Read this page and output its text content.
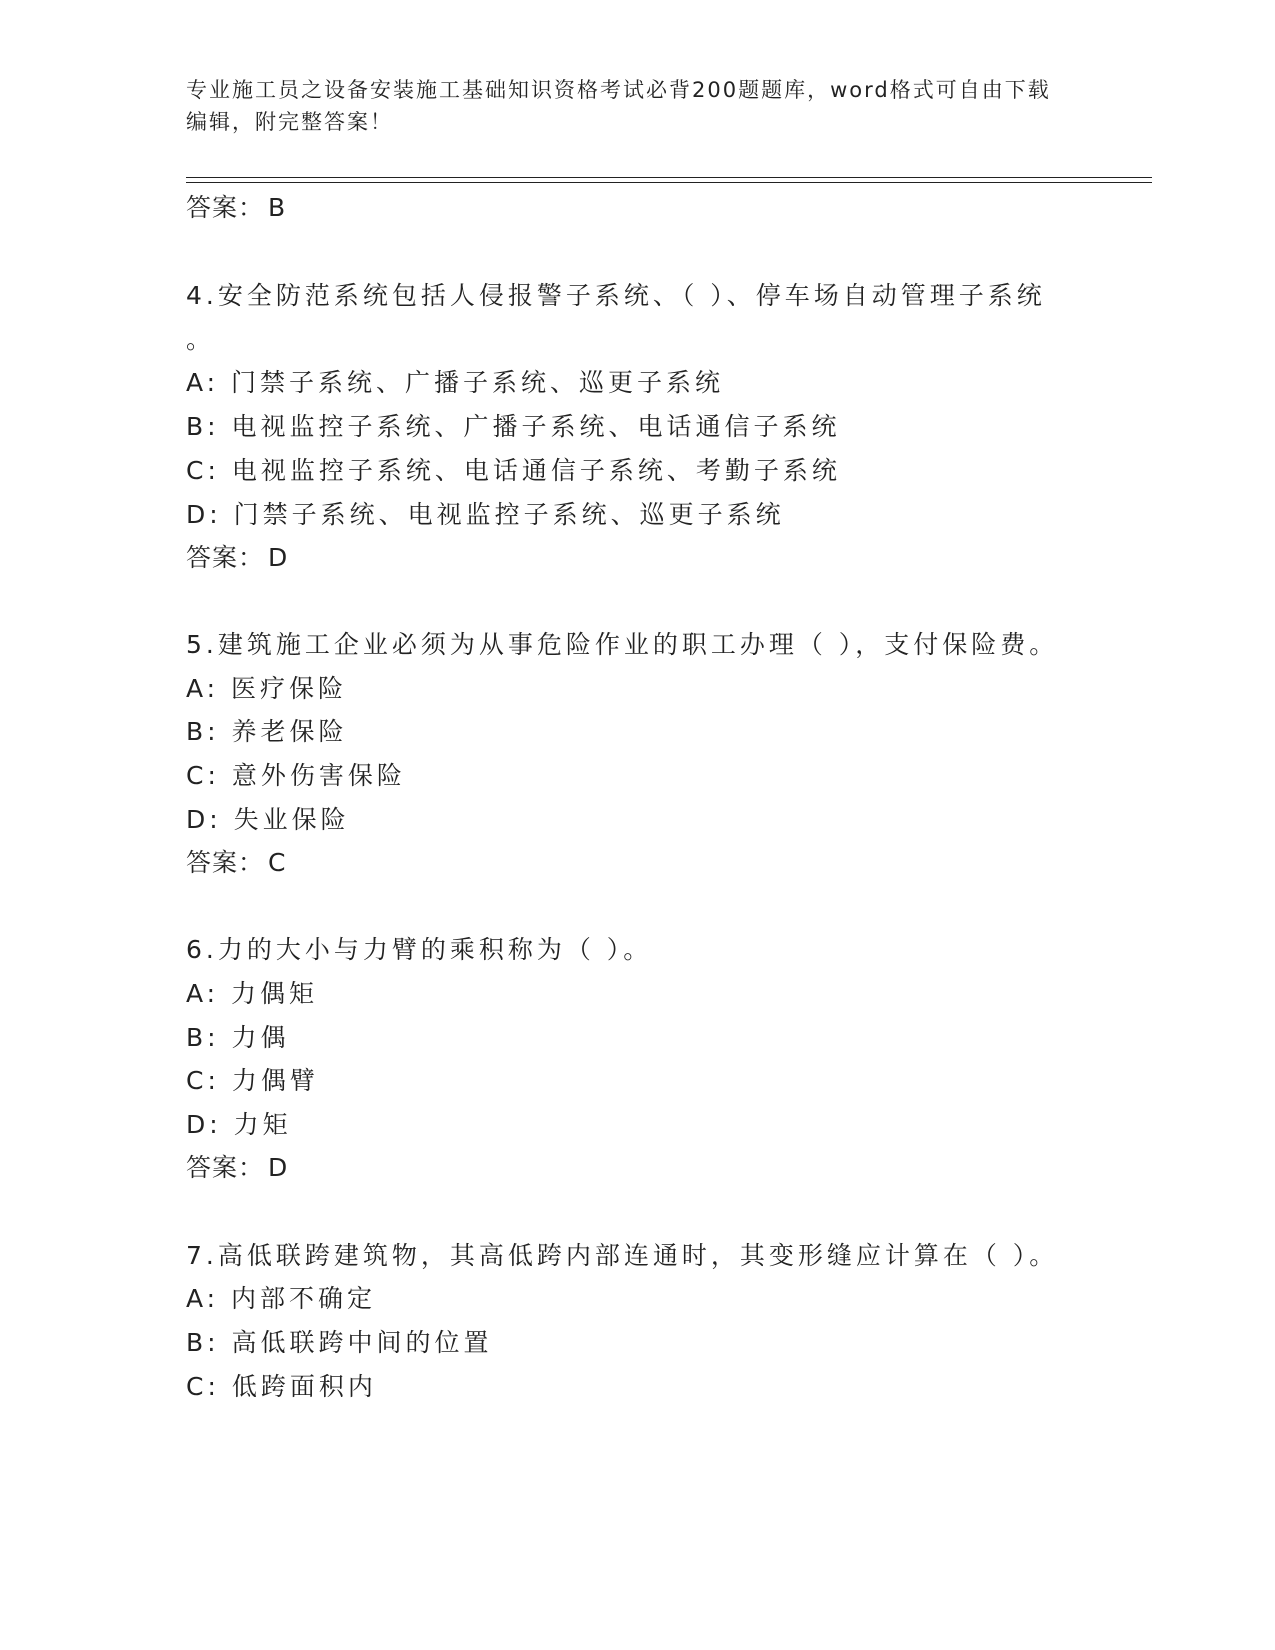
专业施工员之设备安装施工基础知识资格考试必背200题题库，word格式可自由下载编辑，附完整答案！
答案： B
4.安全防范系统包括人侵报警子系统、（ ）、停车场自动管理子系统
。
A: 门禁子系统、广播子系统、巡更子系统
B: 电视监控子系统、广播子系统、电话通信子系统
C: 电视监控子系统、电话通信子系统、考勤子系统
D: 门禁子系统、电视监控子系统、巡更子系统
答案： D
5.建筑施工企业必须为从事危险作业的职工办理（ ），支付保险费。
A: 医疗保险
B: 养老保险
C: 意外伤害保险
D: 失业保险
答案： C
6.力的大小与力臂的乘积称为（ ）。
A: 力偶矩
B: 力偶
C: 力偶臂
D: 力矩
答案： D
7.高低联跨建筑物，其高低跨内部连通时，其变形缝应计算在（ ）。
A: 内部不确定
B: 高低联跨中间的位置
C: 低跨面积内
